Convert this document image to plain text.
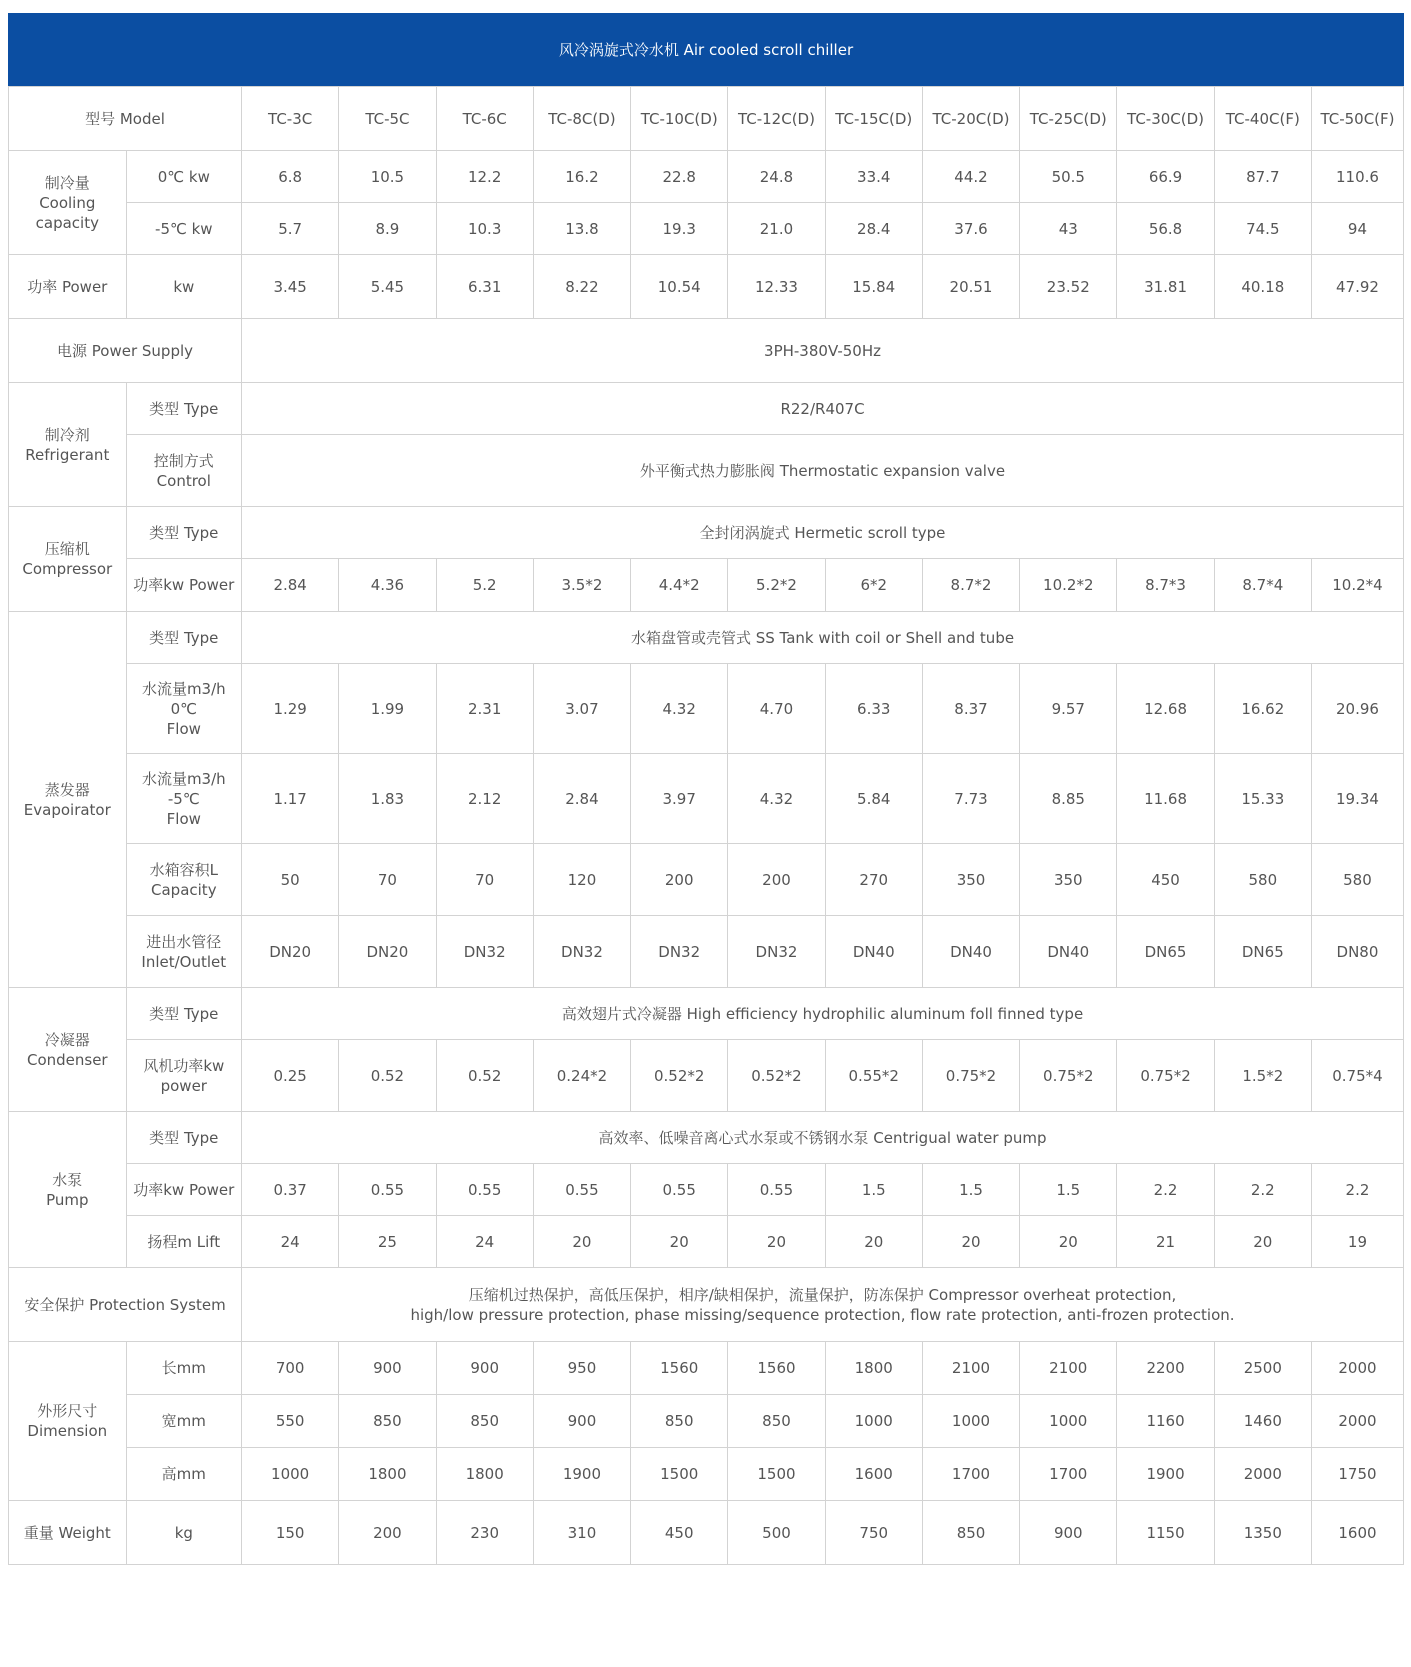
风冷涡旋式冷水机 Air cooled scroll chiller
型号 Model		TC-3C	TC-5C	TC-6C	TC-8C(D)	TC-10C(D)	TC-12C(D)	TC-15C(D)	TC-20C(D)	TC-25C(D)	TC-30C(D)	TC-40C(F)	TC-50C(F)

制冷量
Cooling
capacity	0℃ kw	6.8	10.5	12.2	16.2	22.8	24.8	33.4	44.2	50.5	66.9	87.7	110.6
	-5℃ kw	5.7	8.9	10.3	13.8	19.3	21.0	28.4	37.6	43	56.8	74.5	94
功率 Power	kw	3.45	5.45	6.31	8.22	10.54	12.33	15.84	20.51	23.52	31.81	40.18	47.92
电源 Power Supply		3PH-380V-50Hz											

制冷剂
Refrigerant	类型 Type	R22/R407C											

	控制方式
Control	外平衡式热力膨胀阀 Thermostatic expansion valve											

压缩机
Compressor	类型 Type	全封闭涡旋式 Hermetic scroll type											
	功率kw Power	2.84	4.36	5.2	3.5*2	4.4*2	5.2*2	6*2	8.7*2	10.2*2	8.7*3	8.7*4	10.2*4

蒸发器
Evapoirator	类型 Type	水箱盘管或壳管式 SS Tank with coil or Shell and tube											

	水流量m3/h
0℃
Flow	1.29	1.99	2.31	3.07	4.32	4.70	6.33	8.37	9.57	12.68	16.62	20.96

	水流量m3/h
-5℃
Flow	1.17	1.83	2.12	2.84	3.97	4.32	5.84	7.73	8.85	11.68	15.33	19.34

	水箱容积L
Capacity	50	70	70	120	200	200	270	350	350	450	580	580

	进出水管径
Inlet/Outlet	DN20	DN20	DN32	DN32	DN32	DN32	DN40	DN40	DN40	DN65	DN65	DN80

冷凝器
Condenser	类型 Type	高效翅片式冷凝器 High efficiency hydrophilic aluminum foll finned type											

	风机功率kw
power	0.25	0.52	0.52	0.24*2	0.52*2	0.52*2	0.55*2	0.75*2	0.75*2	0.75*2	1.5*2	0.75*4

水泵
Pump	类型 Type	高效率、低噪音离心式水泵或不锈钢水泵 Centrigual water pump											
	功率kw Power	0.37	0.55	0.55	0.55	0.55	0.55	1.5	1.5	1.5	2.2	2.2	2.2
	扬程m Lift	24	25	24	20	20	20	20	20	20	21	20	19
安全保护 Protection System		压缩机过热保护，高低压保护，相序/缺相保护，流量保护，防冻保护 Compressor overheat protection,
high/low pressure protection, phase missing/sequence protection, flow rate protection, anti-frozen protection.											

外形尺寸
Dimension	长mm	700	900	900	950	1560	1560	1800	2100	2100	2200	2500	2000
	宽mm	550	850	850	900	850	850	1000	1000	1000	1160	1460	2000
	高mm	1000	1800	1800	1900	1500	1500	1600	1700	1700	1900	2000	1750
重量 Weight	kg	150	200	230	310	450	500	750	850	900	1150	1350	1600
